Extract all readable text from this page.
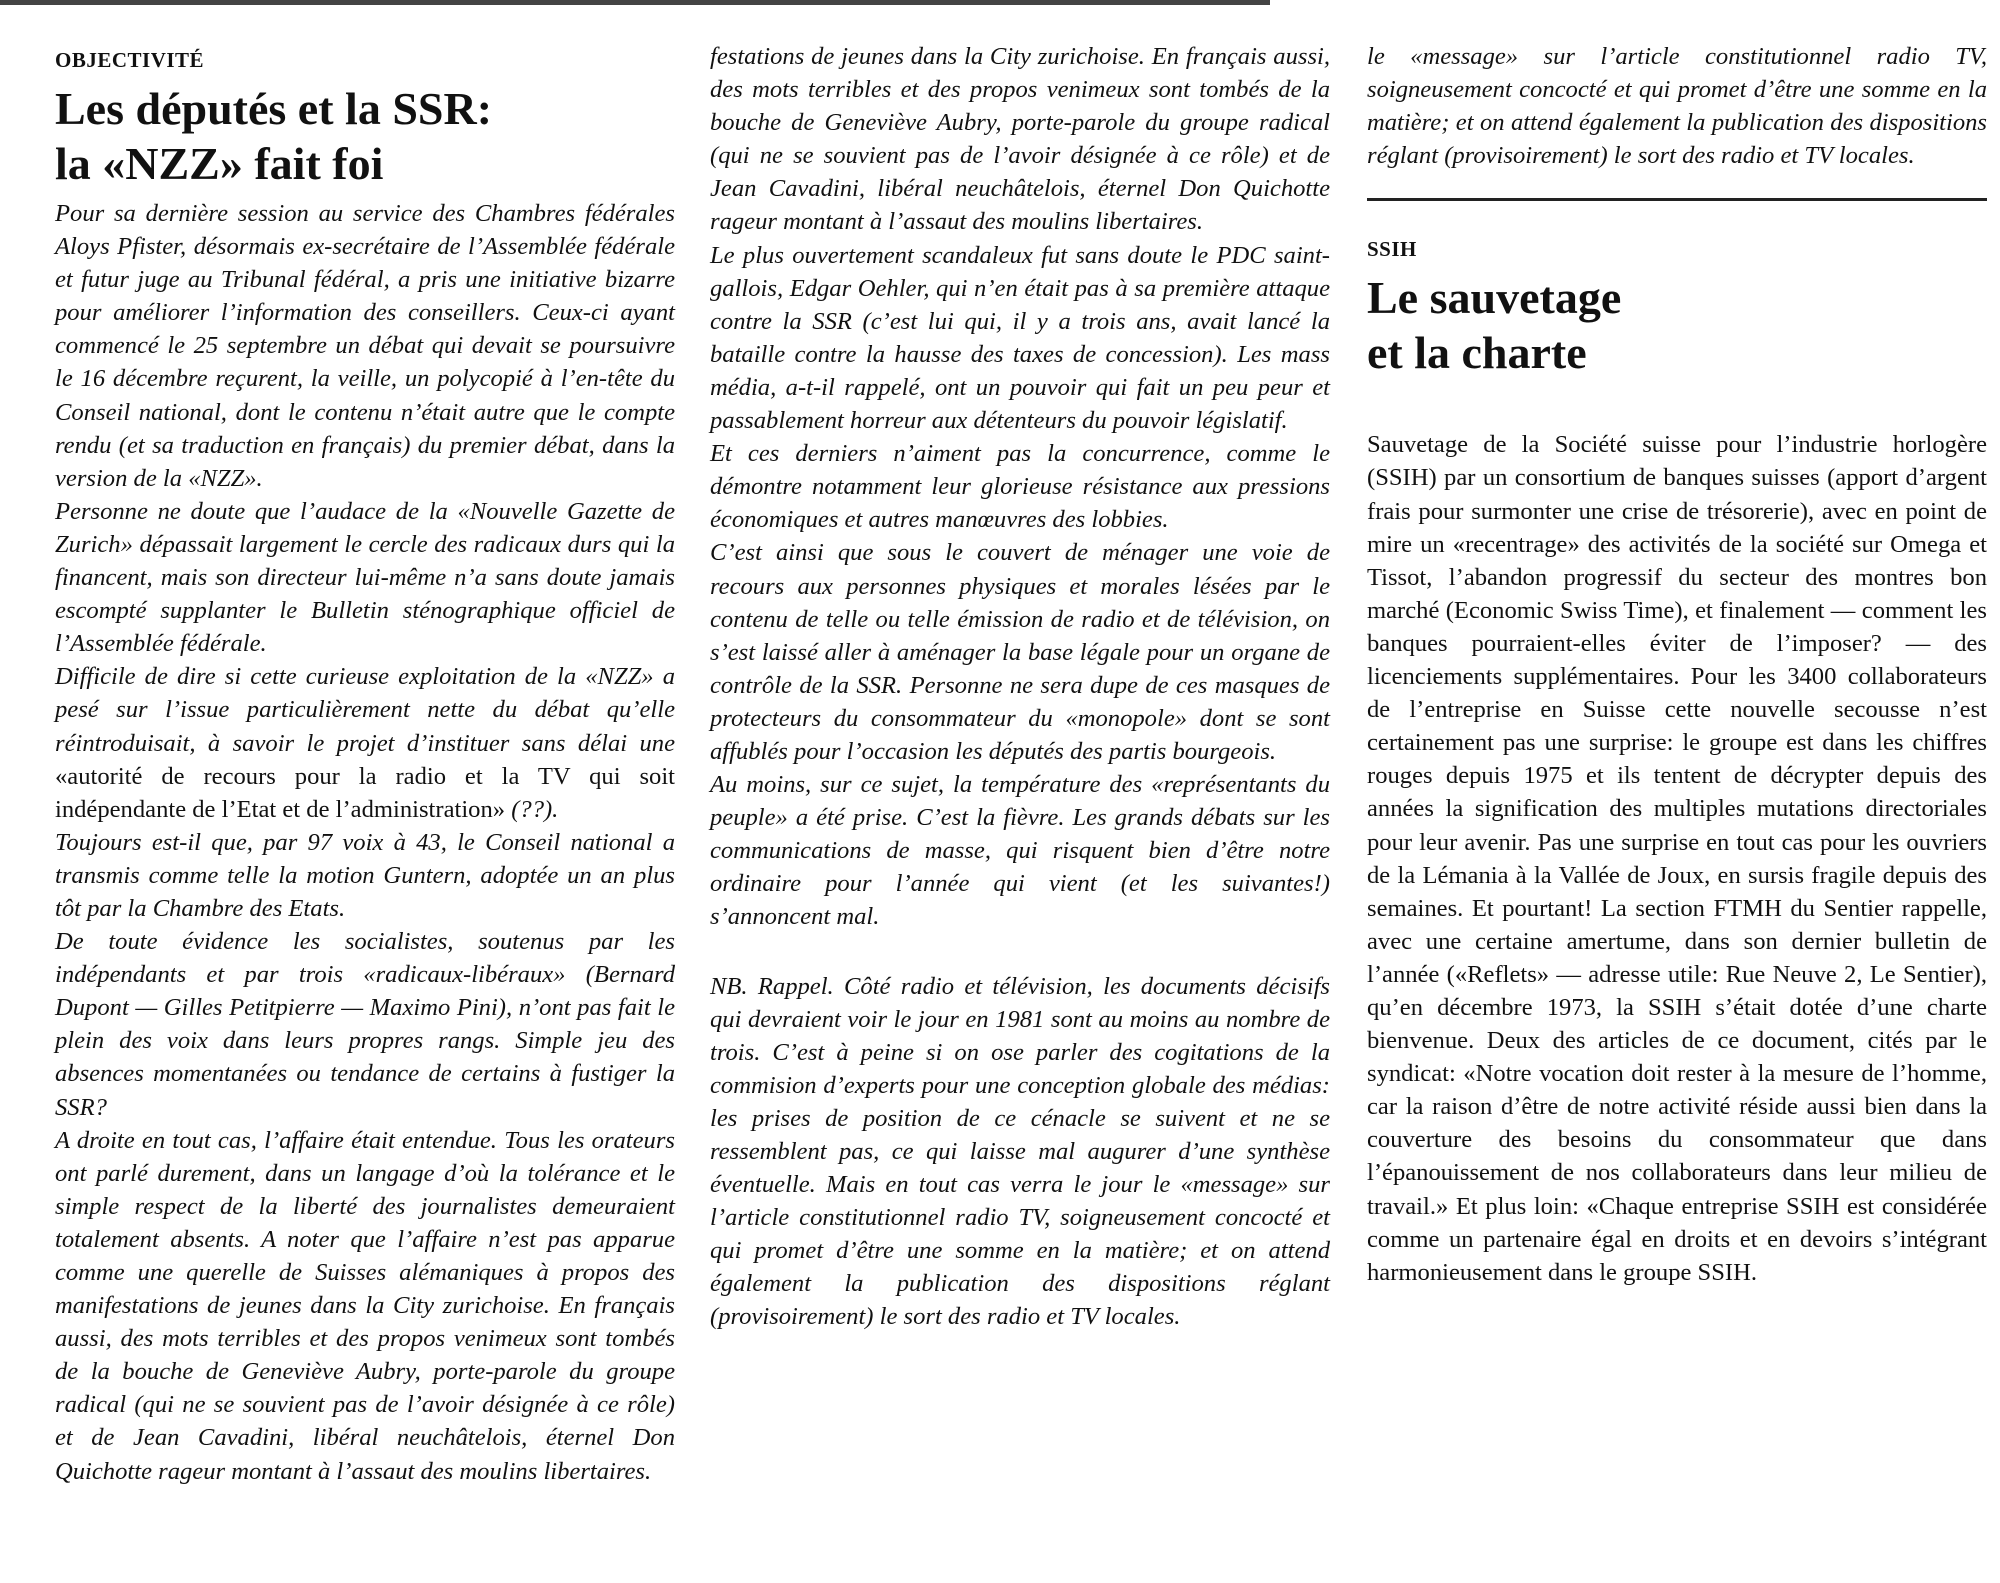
OBJECTIVITÉ
Les députés et la SSR:
la «NZZ» fait foi

Pour sa dernière session au service des Chambres fédérales Aloys Pfister, désormais ex-secrétaire de l’Assemblée fédérale et futur juge au Tribunal fédéral, a pris une initiative bizarre pour améliorer l’information des conseillers. Ceux-ci ayant commencé le 25 septembre un débat qui devait se poursuivre le 16 décembre reçurent, la veille, un polycopié à l’en-tête du Conseil national, dont le contenu n’était autre que le compte rendu (et sa traduction en français) du premier débat, dans la version de la «NZZ».

Personne ne doute que l’audace de la «Nouvelle Gazette de Zurich» dépassait largement le cercle des radicaux durs qui la financent, mais son directeur lui-même n’a sans doute jamais escompté supplanter le Bulletin sténographique officiel de l’Assemblée fédérale.

Difficile de dire si cette curieuse exploitation de la «NZZ» a pesé sur l’issue particulièrement nette du débat qu’elle réintroduisait, à savoir le projet d’instituer sans délai une «autorité de recours pour la radio et la TV qui soit indépendante de l’Etat et de l’administration» (??).

Toujours est-il que, par 97 voix à 43, le Conseil national a transmis comme telle la motion Guntern, adoptée un an plus tôt par la Chambre des Etats.

De toute évidence les socialistes, soutenus par les indépendants et par trois «radicaux-libéraux» (Bernard Dupont — Gilles Petitpierre — Maximo Pini), n’ont pas fait le plein des voix dans leurs propres rangs. Simple jeu des absences momentanées ou tendance de certains à fustiger la SSR?

A droite en tout cas, l’affaire était entendue. Tous les orateurs ont parlé durement, dans un langage d’où la tolérance et le simple respect de la liberté des journalistes demeuraient totalement absents. A noter que l’affaire n’est pas apparue comme une querelle de Suisses alémaniques à propos des manifestations de jeunes dans la City zurichoise. En français aussi, des mots terribles et des propos venimeux sont tombés de la bouche de Geneviève Aubry, porte-parole du groupe radical (qui ne se souvient pas de l’avoir désignée à ce rôle) et de Jean Cavadini, libéral neuchâtelois, éternel Don Quichotte rageur montant à l’assaut des moulins libertaires.

festations de jeunes dans la City zurichoise. En français aussi, des mots terribles et des propos venimeux sont tombés de la bouche de Geneviève Aubry, porte-parole du groupe radical (qui ne se souvient pas de l’avoir désignée à ce rôle) et de Jean Cavadini, libéral neuchâtelois, éternel Don Quichotte rageur montant à l’assaut des moulins libertaires.

Le plus ouvertement scandaleux fut sans doute le PDC saint-gallois, Edgar Oehler, qui n’en était pas à sa première attaque contre la SSR (c’est lui qui, il y a trois ans, avait lancé la bataille contre la hausse des taxes de concession). Les mass média, a-t-il rappelé, ont un pouvoir qui fait un peu peur et passablement horreur aux détenteurs du pouvoir législatif.

Et ces derniers n’aiment pas la concurrence, comme le démontre notamment leur glorieuse résistance aux pressions économiques et autres manœuvres des lobbies.

C’est ainsi que sous le couvert de ménager une voie de recours aux personnes physiques et morales lésées par le contenu de telle ou telle émission de radio et de télévision, on s’est laissé aller à aménager la base légale pour un organe de contrôle de la SSR. Personne ne sera dupe de ces masques de protecteurs du consommateur du «monopole» dont se sont affublés pour l’occasion les députés des partis bourgeois.

Au moins, sur ce sujet, la température des «représentants du peuple» a été prise. C’est la fièvre. Les grands débats sur les communications de masse, qui risquent bien d’être notre ordinaire pour l’année qui vient (et les suivantes!) s’annoncent mal.

NB. Rappel. Côté radio et télévision, les documents décisifs qui devraient voir le jour en 1981 sont au moins au nombre de trois. C’est à peine si on ose parler des cogitations de la commision d’experts pour une conception globale des médias: les prises de position de ce cénacle se suivent et ne se ressemblent pas, ce qui laisse mal augurer d’une synthèse éventuelle. Mais en tout cas verra le jour le «message» sur l’article constitutionnel radio TV, soigneusement concocté et qui promet d’être une somme en la matière; et on attend également la publication des dispositions réglant (provisoirement) le sort des radio et TV locales.

le «message» sur l’article constitutionnel radio TV, soigneusement concocté et qui promet d’être une somme en la matière; et on attend également la publication des dispositions réglant (provisoirement) le sort des radio et TV locales.

SSIH
Le sauvetage
et la charte

Sauvetage de la Société suisse pour l’industrie horlogère (SSIH) par un consortium de banques suisses (apport d’argent frais pour surmonter une crise de trésorerie), avec en point de mire un «recentrage» des activités de la société sur Omega et Tissot, l’abandon progressif du secteur des montres bon marché (Economic Swiss Time), et finalement — comment les banques pourraient-elles éviter de l’imposer? — des licenciements supplémentaires. Pour les 3400 collaborateurs de l’entreprise en Suisse cette nouvelle secousse n’est certainement pas une surprise: le groupe est dans les chiffres rouges depuis 1975 et ils tentent de décrypter depuis des années la signification des multiples mutations directoriales pour leur avenir. Pas une surprise en tout cas pour les ouvriers de la Lémania à la Vallée de Joux, en sursis fragile depuis des semaines. Et pourtant! La section FTMH du Sentier rappelle, avec une certaine amertume, dans son dernier bulletin de l’année («Reflets» — adresse utile: Rue Neuve 2, Le Sentier), qu’en décembre 1973, la SSIH s’était dotée d’une charte bienvenue. Deux des articles de ce document, cités par le syndicat: «Notre vocation doit rester à la mesure de l’homme, car la raison d’être de notre activité réside aussi bien dans la couverture des besoins du consommateur que dans l’épanouissement de nos collaborateurs dans leur milieu de travail.» Et plus loin: «Chaque entreprise SSIH est considérée comme un partenaire égal en droits et en devoirs s’intégrant harmonieusement dans le groupe SSIH.
